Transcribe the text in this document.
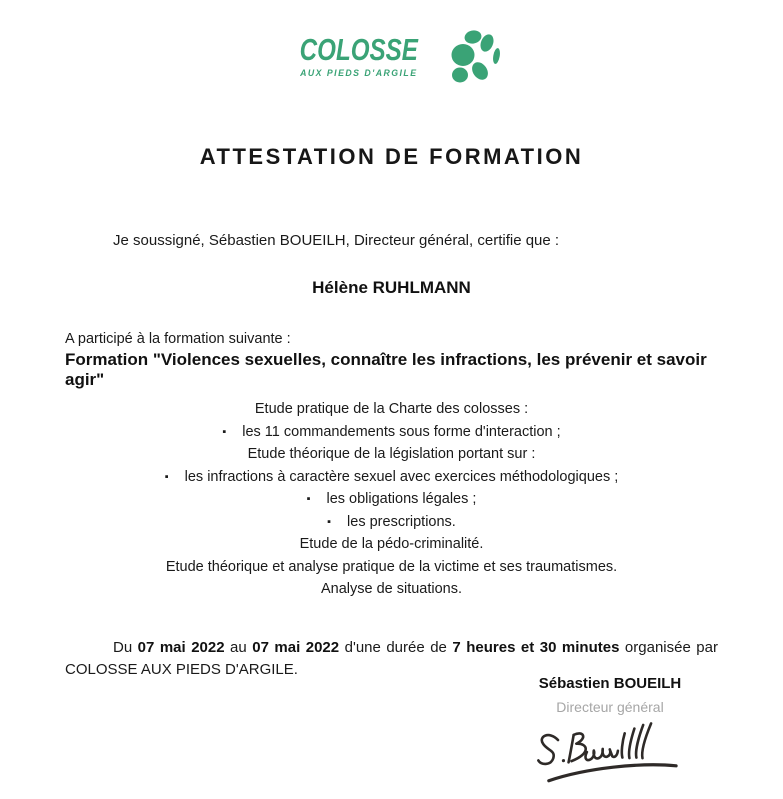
COLOSSE
AUX PIEDS D'ARGILE
ATTESTATION DE FORMATION

Je soussigné, Sébastien BOUEILH, Directeur général, certifie que :

Hélène RUHLMANN

A participé à la formation suivante :

Formation "Violences sexuelles, connaître les infractions, les prévenir et savoir agir"

Etude pratique de la Charte des colosses :
▪ les 11 commandements sous forme d'interaction ;
Etude théorique de la législation portant sur :
▪ les infractions à caractère sexuel avec exercices méthodologiques ;
▪ les obligations légales ;
▪ les prescriptions.
Etude de la pédo-criminalité.
Etude théorique et analyse pratique de la victime et ses traumatismes.
Analyse de situations.

Du 07 mai 2022 au 07 mai 2022 d'une durée de 7 heures et 30 minutes organisée par COLOSSE AUX PIEDS D'ARGILE.

Sébastien BOUEILH
Directeur général
